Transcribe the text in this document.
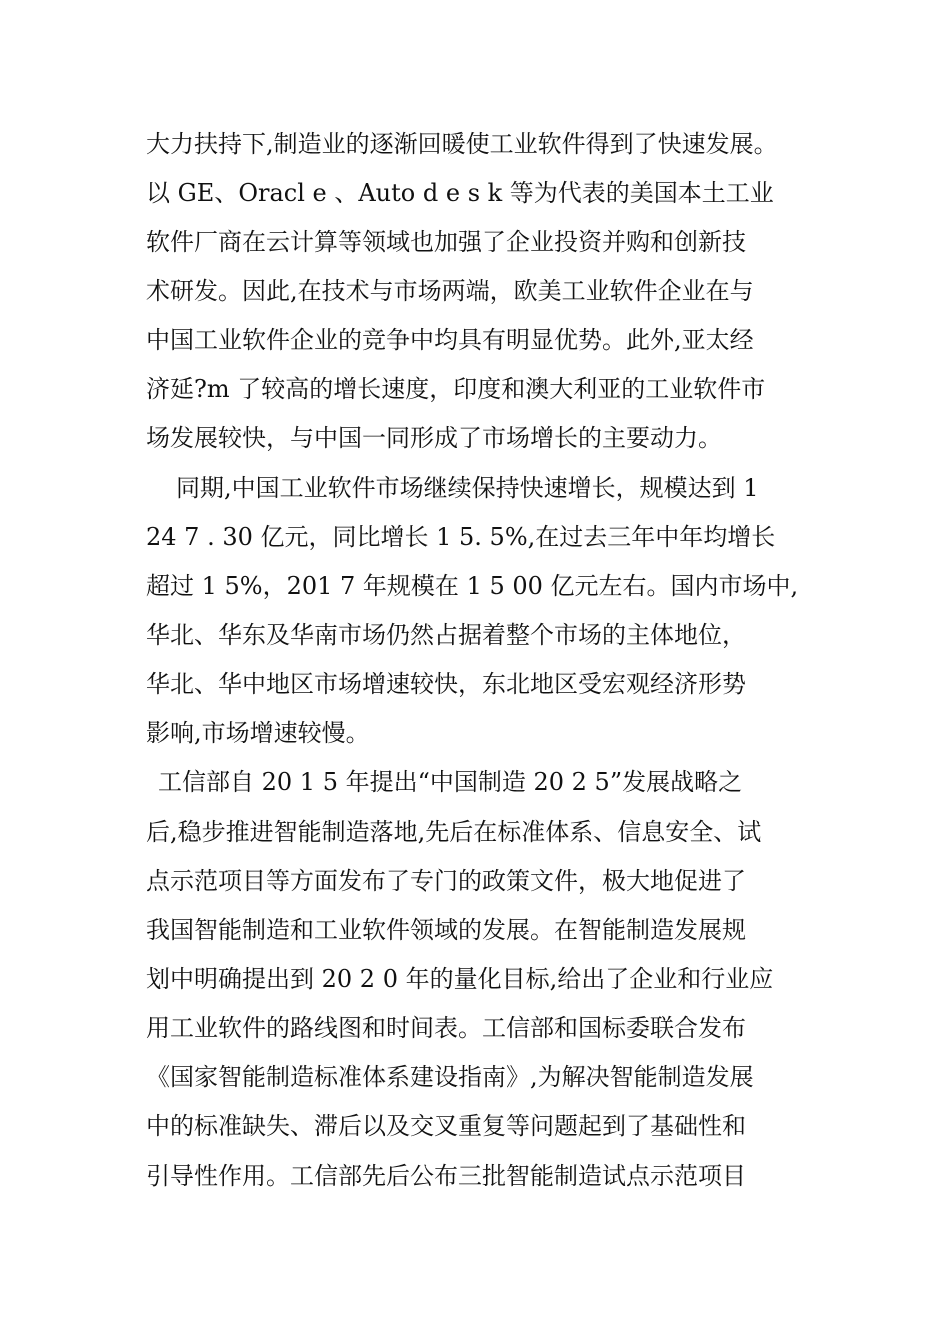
大力扶持下,制造业的逐渐回暖使工业软件得到了快速发展。
以 GE、Oracl e 、Auto d e s k 等为代表的美国本土工业
软件厂商在云计算等领域也加强了企业投资并购和创新技
术研发。因此,在技术与市场两端，欧美工业软件企业在与
中国工业软件企业的竞争中均具有明显优势。此外,亚太经
济延?m 了较高的增长速度，印度和澳大利亚的工业软件市
场发展较快，与中国一同形成了市场增长的主要动力。
同期,中国工业软件市场继续保持快速增长，规模达到 1
24 7 . 30 亿元，同比增长 1 5. 5%,在过去三年中年均增长
超过 1 5%，201 7 年规模在 1 5 00 亿元左右。国内市场中,
华北、华东及华南市场仍然占据着整个市场的主体地位，
华北、华中地区市场增速较快，东北地区受宏观经济形势
影响,市场增速较慢。
工信部自 20 1 5 年提出“中国制造 20 2 5”发展战略之
后,稳步推进智能制造落地,先后在标准体系、信息安全、试
点示范项目等方面发布了专门的政策文件，极大地促进了
我国智能制造和工业软件领域的发展。在智能制造发展规
划中明确提出到 20 2 0 年的量化目标,给出了企业和行业应
用工业软件的路线图和时间表。工信部和国标委联合发布
《国家智能制造标准体系建设指南》,为解决智能制造发展
中的标准缺失、滞后以及交叉重复等问题起到了基础性和
引导性作用。工信部先后公布三批智能制造试点示范项目
